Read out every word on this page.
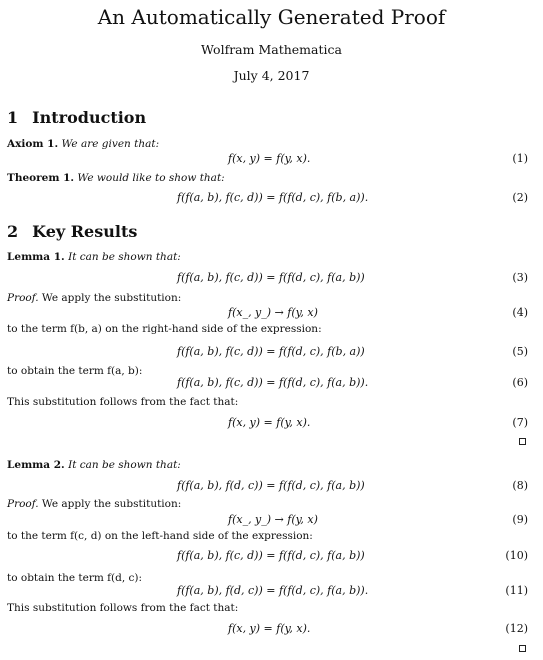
An Automatically Generated Proof
Wolfram Mathematica
July 4, 2017
1 Introduction
Axiom 1. We are given that:
f(x, y) = f(y, x).	(1)
Theorem 1. We would like to show that:
f(f(a, b), f(c, d)) = f(f(d, c), f(b, a)).	(2)
2 Key Results
Lemma 1. It can be shown that:
f(f(a, b), f(c, d)) = f(f(d, c), f(a, b))	(3)
Proof. We apply the substitution:
f(x_, y_) → f(y, x)	(4)
to the term f(b, a) on the right-hand side of the expression:
f(f(a, b), f(c, d)) = f(f(d, c), f(b, a))	(5)
to obtain the term f(a, b):
f(f(a, b), f(c, d)) = f(f(d, c), f(a, b)).	(6)
This substitution follows from the fact that:
f(x, y) = f(y, x).	(7)
Lemma 2. It can be shown that:
f(f(a, b), f(d, c)) = f(f(d, c), f(a, b))	(8)
Proof. We apply the substitution:
f(x_, y_) → f(y, x)	(9)
to the term f(c, d) on the left-hand side of the expression:
f(f(a, b), f(c, d)) = f(f(d, c), f(a, b))	(10)
to obtain the term f(d, c):
f(f(a, b), f(d, c)) = f(f(d, c), f(a, b)).	(11)
This substitution follows from the fact that:
f(x, y) = f(y, x).	(12)
